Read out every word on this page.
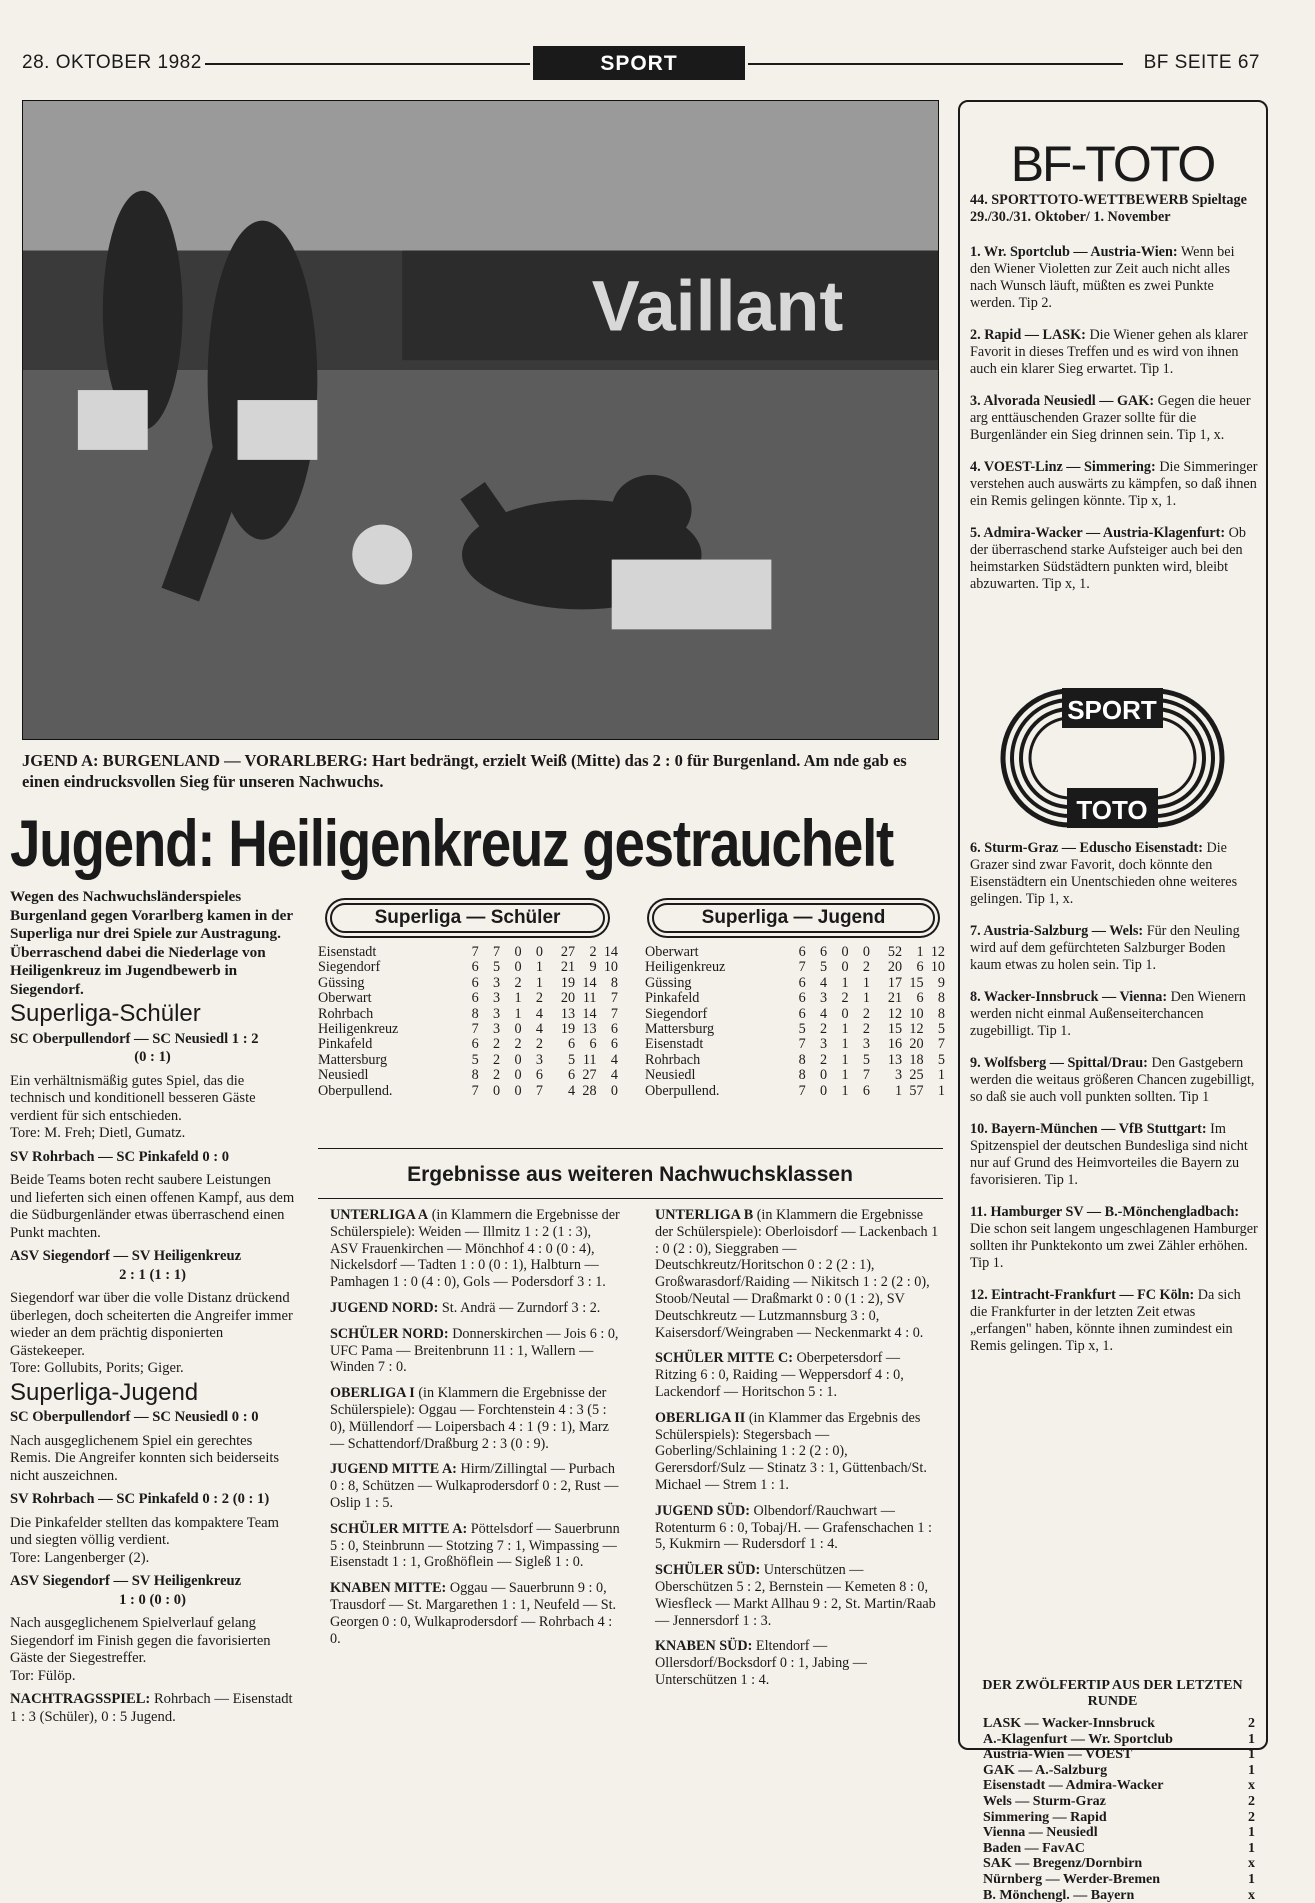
28. OKTOBER 1982	SPORT	BF SEITE 67
Vaillant
JGEND A: BURGENLAND — VORARLBERG: Hart bedrängt, erzielt Weiß (Mitte) das 2 : 0 für Burgenland. Am nde gab es einen eindrucksvollen Sieg für unseren Nachwuchs.
Jugend: Heiligenkreuz gestrauchelt

Wegen des Nachwuchsländerspieles Burgenland gegen Vorarlberg kamen in der Superliga nur drei Spiele zur Austragung. Überraschend dabei die Niederlage von Heiligenkreuz im Jugendbewerb in Siegendorf.

Superliga-Schüler

SC Oberpullendorf — SC Neusiedl 1 : 2

(0 : 1)

Ein verhältnismäßig gutes Spiel, das die technisch und konditionell besseren Gäste verdient für sich entschieden.
Tore: M. Freh; Dietl, Gumatz.

SV Rohrbach — SC Pinkafeld 0 : 0

Beide Teams boten recht saubere Leistungen und lieferten sich einen offenen Kampf, aus dem die Südburgenländer etwas überraschend einen Punkt machten.

ASV Siegendorf — SV Heiligenkreuz

2 : 1 (1 : 1)

Siegendorf war über die volle Distanz drückend überlegen, doch scheiterten die Angreifer immer wieder an dem prächtig disponierten Gästekeeper.
Tore: Gollubits, Porits; Giger.

Superliga-Jugend

SC Oberpullendorf — SC Neusiedl 0 : 0

Nach ausgeglichenem Spiel ein gerechtes Remis. Die Angreifer konnten sich beiderseits nicht auszeichnen.

SV Rohrbach — SC Pinkafeld 0 : 2 (0 : 1)

Die Pinkafelder stellten das kompaktere Team und siegten völlig verdient.
Tore: Langenberger (2).

ASV Siegendorf — SV Heiligenkreuz

1 : 0 (0 : 0)

Nach ausgeglichenem Spielverlauf gelang Siegendorf im Finish gegen die favorisierten Gäste der Siegestreffer.
Tor: Fülöp.

NACHTRAGSSPIEL: Rohrbach — Eisenstadt 1 : 3 (Schüler), 0 : 5 Jugend.

Superliga — Schüler
Eisenstadt	7	7	0	0	27	2	14
Siegendorf	6	5	0	1	21	9	10
Güssing	6	3	2	1	19	14	8
Oberwart	6	3	1	2	20	11	7
Rohrbach	8	3	1	4	13	14	7
Heiligenkreuz	7	3	0	4	19	13	6
Pinkafeld	6	2	2	2	6	6	6
Mattersburg	5	2	0	3	5	11	4
Neusiedl	8	2	0	6	6	27	4
Oberpullend.	7	0	0	7	4	28	0
Superliga — Jugend
Oberwart	6	6	0	0	52	1	12
Heiligenkreuz	7	5	0	2	20	6	10
Güssing	6	4	1	1	17	15	9
Pinkafeld	6	3	2	1	21	6	8
Siegendorf	6	4	0	2	12	10	8
Mattersburg	5	2	1	2	15	12	5
Eisenstadt	7	3	1	3	16	20	7
Rohrbach	8	2	1	5	13	18	5
Neusiedl	8	0	1	7	3	25	1
Oberpullend.	7	0	1	6	1	57	1
Ergebnisse aus weiteren Nachwuchsklassen

UNTERLIGA A (in Klammern die Ergebnisse der Schülerspiele): Weiden — Illmitz 1 : 2 (1 : 3), ASV Frauenkirchen — Mönchhof 4 : 0 (0 : 4), Nickelsdorf — Tadten 1 : 0 (0 : 1), Halbturn — Pamhagen 1 : 0 (4 : 0), Gols — Podersdorf 3 : 1.

JUGEND NORD: St. Andrä — Zurndorf 3 : 2.

SCHÜLER NORD: Donnerskirchen — Jois 6 : 0, UFC Pama — Breitenbrunn 11 : 1, Wallern — Winden 7 : 0.

OBERLIGA I (in Klammern die Ergebnisse der Schülerspiele): Oggau — Forchtenstein 4 : 3 (5 : 0), Müllendorf — Loipersbach 4 : 1 (9 : 1), Marz — Schattendorf/Draßburg 2 : 3 (0 : 9).

JUGEND MITTE A: Hirm/Zillingtal — Purbach 0 : 8, Schützen — Wulkaprodersdorf 0 : 2, Rust — Oslip 1 : 5.

SCHÜLER MITTE A: Pöttelsdorf — Sauerbrunn 5 : 0, Steinbrunn — Stotzing 7 : 1, Wimpassing — Eisenstadt 1 : 1, Großhöflein — Sigleß 1 : 0.

KNABEN MITTE: Oggau — Sauerbrunn 9 : 0, Trausdorf — St. Margarethen 1 : 1, Neufeld — St. Georgen 0 : 0, Wulkaprodersdorf — Rohrbach 4 : 0.

UNTERLIGA B (in Klammern die Ergebnisse der Schülerspiele): Oberloisdorf — Lackenbach 1 : 0 (2 : 0), Sieggraben — Deutschkreutz/Horitschon 0 : 2 (2 : 1), Großwarasdorf/Raiding — Nikitsch 1 : 2 (2 : 0), Stoob/Neutal — Draßmarkt 0 : 0 (1 : 2), SV Deutschkreutz — Lutzmannsburg 3 : 0, Kaisersdorf/Weingraben — Neckenmarkt 4 : 0.

SCHÜLER MITTE C: Oberpetersdorf — Ritzing 6 : 0, Raiding — Weppersdorf 4 : 0, Lackendorf — Horitschon 5 : 1.

OBERLIGA II (in Klammer das Ergebnis des Schülerspiels): Stegersbach — Goberling/Schlaining 1 : 2 (2 : 0), Gerersdorf/Sulz — Stinatz 3 : 1, Güttenbach/St. Michael — Strem 1 : 1.

JUGEND SÜD: Olbendorf/Rauchwart — Rotenturm 6 : 0, Tobaj/H. — Grafenschachen 1 : 5, Kukmirn — Rudersdorf 1 : 4.

SCHÜLER SÜD: Unterschützen — Oberschützen 5 : 2, Bernstein — Kemeten 8 : 0, Wiesfleck — Markt Allhau 9 : 2, St. Martin/Raab — Jennersdorf 1 : 3.

KNABEN SÜD: Eltendorf — Ollersdorf/Bocksdorf 0 : 1, Jabing — Unterschützen 1 : 4.

BF-TOTO

44. SPORTTOTO-WETTBEWERB Spieltage 29./30./31. Oktober/ 1. November

1. Wr. Sportclub — Austria-Wien: Wenn bei den Wiener Violetten zur Zeit auch nicht alles nach Wunsch läuft, müßten es zwei Punkte werden. Tip 2.

2. Rapid — LASK: Die Wiener gehen als klarer Favorit in dieses Treffen und es wird von ihnen auch ein klarer Sieg erwartet. Tip 1.

3. Alvorada Neusiedl — GAK: Gegen die heuer arg enttäuschenden Grazer sollte für die Burgenländer ein Sieg drinnen sein. Tip 1, x.

4. VOEST-Linz — Simmering: Die Simmeringer verstehen auch auswärts zu kämpfen, so daß ihnen ein Remis gelingen könnte. Tip x, 1.

5. Admira-Wacker — Austria-Klagenfurt: Ob der überraschend starke Aufsteiger auch bei den heimstarken Südstädtern punkten wird, bleibt abzuwarten. Tip x, 1.

SPORT
TOTO

6. Sturm-Graz — Eduscho Eisenstadt: Die Grazer sind zwar Favorit, doch könnte den Eisenstädtern ein Unentschieden ohne weiteres gelingen. Tip 1, x.

7. Austria-Salzburg — Wels: Für den Neuling wird auf dem gefürchteten Salzburger Boden kaum etwas zu holen sein. Tip 1.

8. Wacker-Innsbruck — Vienna: Den Wienern werden nicht einmal Außenseiterchancen zugebilligt. Tip 1.

9. Wolfsberg — Spittal/Drau: Den Gastgebern werden die weitaus größeren Chancen zugebilligt, so daß sie auch voll punkten sollten. Tip 1

10. Bayern-München — VfB Stuttgart: Im Spitzenspiel der deutschen Bundesliga sind nicht nur auf Grund des Heimvorteiles die Bayern zu favorisieren. Tip 1.

11. Hamburger SV — B.-Mönchengladbach: Die schon seit langem ungeschlagenen Hamburger sollten ihr Punktekonto um zwei Zähler erhöhen. Tip 1.

12. Eintracht-Frankfurt — FC Köln: Da sich die Frankfurter in der letzten Zeit etwas „erfangen" haben, könnte ihnen zumindest ein Remis gelingen. Tip x, 1.

DER ZWÖLFERTIP AUS DER LETZTEN RUNDE
LASK — Wacker-Innsbruck	2
A.-Klagenfurt — Wr. Sportclub	1
Austria-Wien — VOEST	1
GAK — A.-Salzburg	1
Eisenstadt — Admira-Wacker	x
Wels — Sturm-Graz	2
Simmering — Rapid	2
Vienna — Neusiedl	1
Baden — FavAC	1
SAK — Bregenz/Dornbirn	x
Nürnberg — Werder-Bremen	1
B. Mönchengl. — Bayern	x
